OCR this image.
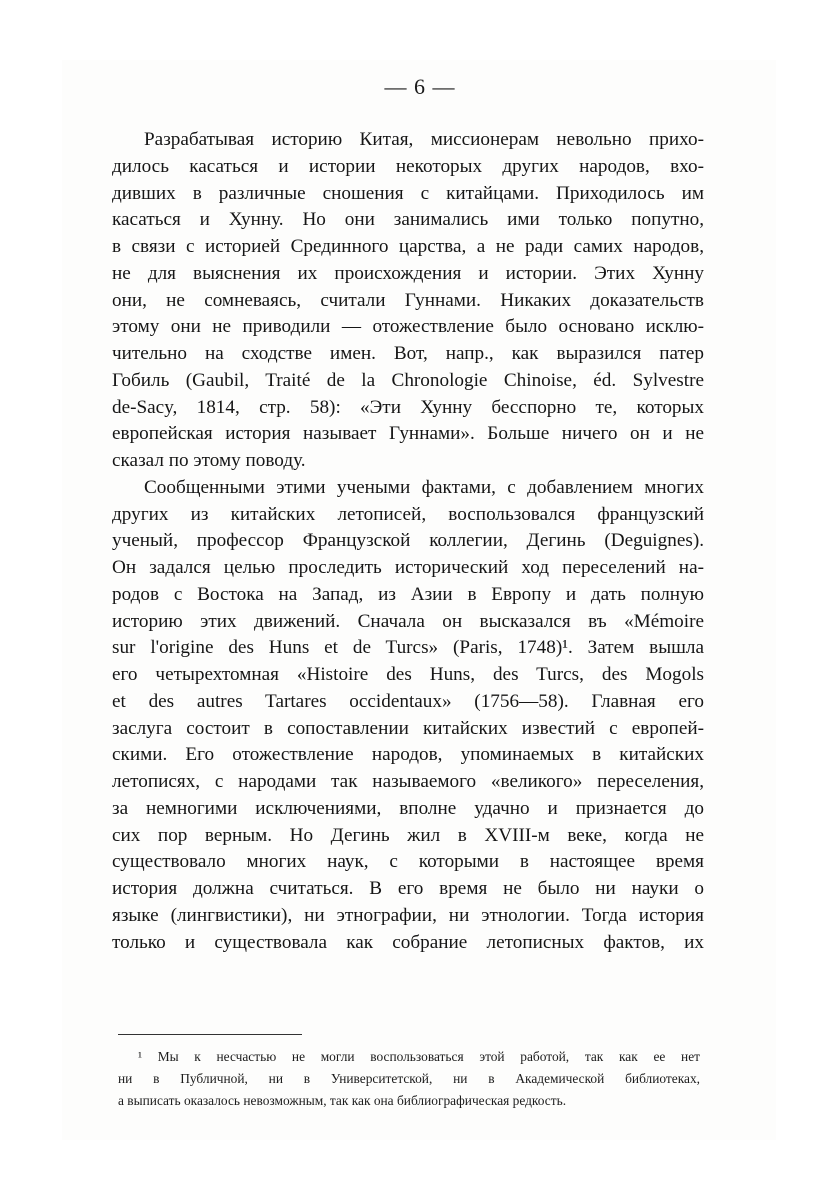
— 6 —
Разрабатывая историю Китая, миссионерам невольно прихо-
дилось касаться и истории некоторых других народов, вхо-
дивших в различные сношения с китайцами. Приходилось им
касаться и Хунну. Но они занимались ими только попутно,
в связи с историей Срединного царства, а не ради самих народов,
не для выяснения их происхождения и истории. Этих Хунну
они, не сомневаясь, считали Гуннами. Никаких доказательств
этому они не приводили — отожествление было основано исклю-
чительно на сходстве имен. Вот, напр., как выразился патер
Гобиль (Gaubil, Traité de la Chronologie Chinoise, éd. Sylvestre
de-Sacy, 1814, стр. 58): «Эти Хунну бесспорно те, которых
европейская история называет Гуннами». Больше ничего он и не
сказал по этому поводу.
Сообщенными этими учеными фактами, с добавлением многих
других из китайских летописей, воспользовался французский
ученый, профессор Французской коллегии, Дегинь (Deguignes).
Он задался целью проследить исторический ход переселений на-
родов с Востока на Запад, из Азии в Европу и дать полную
историю этих движений. Сначала он высказался въ «Mémoire
sur l'origine des Huns et de Turcs» (Paris, 1748)¹. Затем вышла
его четырехтомная «Histoire des Huns, des Turcs, des Mogols
et des autres Tartares occidentaux» (1756—58). Главная его
заслуга состоит в сопоставлении китайских известий с европей-
скими. Его отожествление народов, упоминаемых в китайских
летописях, с народами так называемого «великого» переселения,
за немногими исключениями, вполне удачно и признается до
сих пор верным. Но Дегинь жил в XVIII-м веке, когда не
существовало многих наук, с которыми в настоящее время
история должна считаться. В его время не было ни науки о
языке (лингвистики), ни этнографии, ни этнологии. Тогда история
только и существовала как собрание летописных фактов, их
¹ Мы к несчастью не могли воспользоваться этой работой, так как ее нет
ни в Публичной, ни в Университетской, ни в Академической библиотеках,
а выписать оказалось невозможным, так как она библиографическая редкость.
